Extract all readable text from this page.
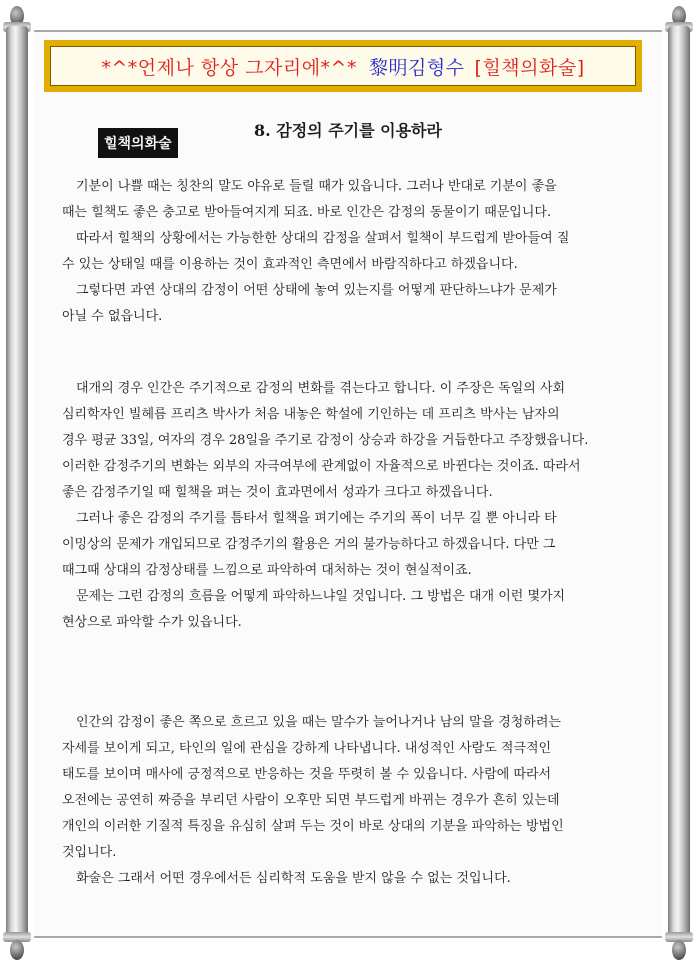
*^*언제나 항상 그자리에*^* 黎明김형수 [힐책의화술]
힐책의화술
8. 감정의 주기를 이용하라
기분이 나쁠 때는 칭찬의 말도 야유로 들릴 때가 있읍니다. 그러나 반대로 기분이 좋을
때는 힐책도 좋은 충고로 받아들여지게 되죠. 바로 인간은 감정의 동물이기 때문입니다.
따라서 힐책의 상황에서는 가능한한 상대의 감정을 살펴서 힐책이 부드럽게 받아들여 질
수 있는 상태일 때를 이용하는 것이 효과적인 측면에서 바람직하다고 하겠읍니다.
그렇다면 과연 상대의 감정이 어떤 상태에 놓여 있는지를 어떻게 판단하느냐가 문제가
아닐 수 없읍니다.
대개의 경우 인간은 주기적으로 감정의 변화를 겪는다고 합니다. 이 주장은 독일의 사회
심리학자인 빌헤름 프리츠 박사가 처음 내놓은 학설에 기인하는 데 프리츠 박사는 남자의
경우 평균 33일, 여자의 경우 28일을 주기로 감정이 상승과 하강을 거듭한다고 주장했읍니다.
이러한 감정주기의 변화는 외부의 자극여부에 관계없이 자율적으로 바뀐다는 것이죠. 따라서
좋은 감정주기일 때 힐책을 펴는 것이 효과면에서 성과가 크다고 하겠읍니다.
그러나 좋은 감정의 주기를 틈타서 힐책을 펴기에는 주기의 폭이 너무 길 뿐 아니라 타
이밍상의 문제가 개입되므로 감정주기의 활용은 거의 불가능하다고 하겠읍니다. 다만 그
때그때 상대의 감정상태를 느낌으로 파악하여 대처하는 것이 현실적이죠.
문제는 그런 감정의 흐름을 어떻게 파악하느냐일 것입니다. 그 방법은 대개 이런 몇가지
현상으로 파악할 수가 있읍니다.
인간의 감정이 좋은 쪽으로 흐르고 있을 때는 말수가 늘어나거나 남의 말을 경청하려는
자세를 보이게 되고, 타인의 일에 관심을 강하게 나타냅니다. 내성적인 사람도 적극적인
태도를 보이며 매사에 긍정적으로 반응하는 것을 뚜렷히 볼 수 있읍니다. 사람에 따라서
오전에는 공연히 짜증을 부리던 사람이 오후만 되면 부드럽게 바뀌는 경우가 흔히 있는데
개인의 이러한 기질적 특징을 유심히 살펴 두는 것이 바로 상대의 기분을 파악하는 방법인
것입니다.
화술은 그래서 어떤 경우에서든 심리학적 도움을 받지 않을 수 없는 것입니다.
